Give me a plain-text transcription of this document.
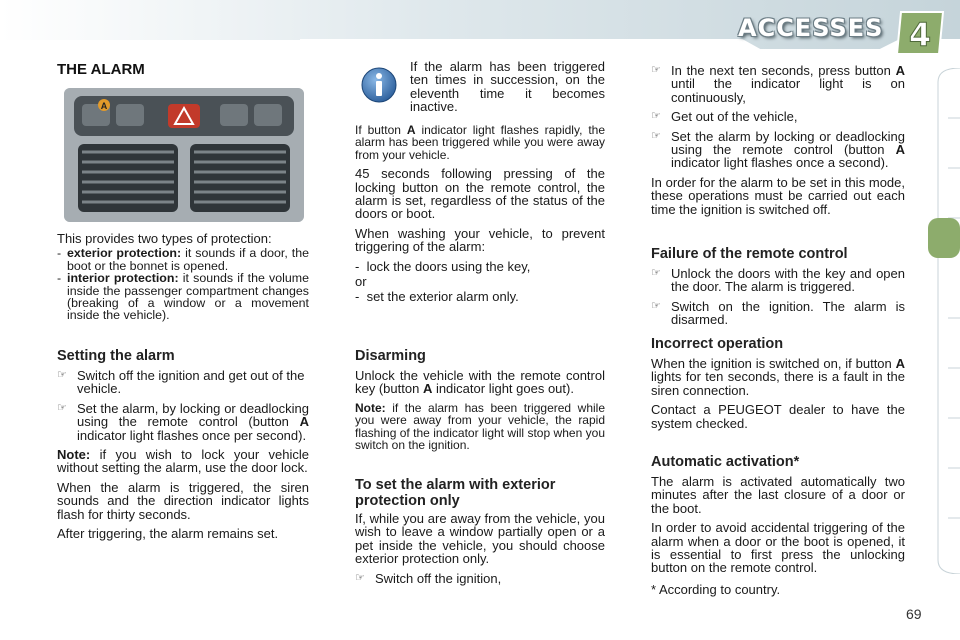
ACCESSES 4
THE ALARM
A

This provides two types of protection:

- exterior protection: it sounds if a door, the boot or the bonnet is opened.
- interior protection: it sounds if the volume inside the passenger compartment changes (breaking of a window or a movement inside the vehicle).
Setting the alarm
☞ Switch off the ignition and get out of the vehicle.
☞ Set the alarm, by locking or deadlocking using the remote control (button A indicator light flashes once per second).

Note: if you wish to lock your vehicle without setting the alarm, use the door lock.

When the alarm is triggered, the siren sounds and the direction indicator lights flash for thirty seconds.

After triggering, the alarm remains set.

If the alarm has been triggered ten times in succession, on the eleventh time it becomes inactive.

If button A indicator light flashes rapidly, the alarm has been triggered while you were away from your vehicle.

45 seconds following pressing of the locking button on the remote control, the alarm is set, regardless of the status of the doors or boot.

When washing your vehicle, to prevent triggering of the alarm:

-  lock the doors using the key,

or

-  set the exterior alarm only.

Disarming

Unlock the vehicle with the remote control key (button A indicator light goes out).

Note: if the alarm has been triggered while you were away from your vehicle, the rapid flashing of the indicator light will stop when you switch on the ignition.

To set the alarm with exterior protection only

If, while you are away from the vehicle, you wish to leave a window partially open or a pet inside the vehicle, you should choose exterior protection only.

☞ Switch off the ignition,
☞ In the next ten seconds, press button A until the indicator light is on continuously,
☞ Get out of the vehicle,
☞ Set the alarm by locking or deadlocking using the remote control (button A indicator light flashes once a second).

In order for the alarm to be set in this mode, these operations must be carried out each time the ignition is switched off.

Failure of the remote control
☞ Unlock the doors with the key and open the door. The alarm is triggered.
☞ Switch on the ignition. The alarm is disarmed.
Incorrect operation

When the ignition is switched on, if button A lights for ten seconds, there is a fault in the siren connection.

Contact a PEUGEOT dealer to have the system checked.

Automatic activation*

The alarm is activated automatically two minutes after the last closure of a door or the boot.

In order to avoid accidental triggering of the alarm when a door or the boot is opened, it is essential to first press the unlocking button on the remote control.

* According to country.

69
